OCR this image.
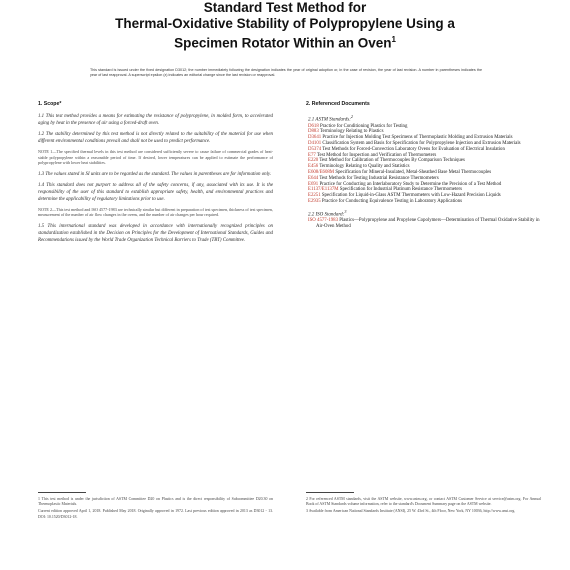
Standard Test Method for
Thermal-Oxidative Stability of Polypropylene Using a
Specimen Rotator Within an Oven$^1$
This standard is issued under the fixed designation D3012; the number immediately following the designation indicates the year of original adoption or, in the case of revision, the year of last revision. A number in parentheses indicates the year of last reapproval. A superscript epsilon (ε) indicates an editorial change since the last revision or reapproval.
1. Scope*

1.1 This test method provides a means for estimating the resistance of polypropylene, in molded form, to accelerated aging by heat in the presence of air using a forced-draft oven.

1.2 The stability determined by this test method is not directly related to the suitability of the material for use when different environmental conditions prevail and shall not be used to predict performance.

NOTE 1—The specified thermal levels in this test method are considered sufficiently severe to cause failure of commercial grades of heat-stable polypropylene within a reasonable period of time. If desired, lower temperatures can be applied to estimate the performance of polypropylene with lower heat stabilities.

1.3 The values stated in SI units are to be regarded as the standard. The values in parentheses are for information only.

1.4 This standard does not purport to address all of the safety concerns, if any, associated with its use. It is the responsibility of the user of this standard to establish appropriate safety, health, and environmental practices and determine the applicability of regulatory limitations prior to use.

NOTE 2—This test method and ISO 4577-1983 are technically similar but different in preparation of test specimen, thickness of test specimen, measurement of the number of air flow changes in the ovens, and the number of air changes per hour required.

1.5 This international standard was developed in accordance with internationally recognized principles on standardization established in the Decision on Principles for the Development of International Standards, Guides and Recommendations issued by the World Trade Organization Technical Barriers to Trade (TBT) Committee.

2. Referenced Documents
2.1 ASTM Standards:$^2$
D618 Practice for Conditioning Plastics for Testing
D883 Terminology Relating to Plastics
D3641 Practice for Injection Molding Test Specimens of Thermoplastic Molding and Extrusion Materials
D4101 Classification System and Basis for Specification for Polypropylene Injection and Extrusion Materials
D5374 Test Methods for Forced-Convection Laboratory Ovens for Evaluation of Electrical Insulation
E77 Test Method for Inspection and Verification of Thermometers
E220 Test Method for Calibration of Thermocouples By Comparison Techniques
E456 Terminology Relating to Quality and Statistics
E608/E608M Specification for Mineral-Insulated, Metal-Sheathed Base Metal Thermocouples
E644 Test Methods for Testing Industrial Resistance Thermometers
E691 Practice for Conducting an Interlaboratory Study to Determine the Precision of a Test Method
E1137/E1137M Specification for Industrial Platinum Resistance Thermometers
E2251 Specification for Liquid-in-Glass ASTM Thermometers with Low-Hazard Precision Liquids
E2935 Practice for Conducting Equivalence Testing in Laboratory Applications
2.2 ISO Standard:$^3$
ISO 4577-1983 Plastics—Polypropylene and Propylene Copolymers—Determination of Thermal Oxidative Stability in Air-Oven Method

1 This test method is under the jurisdiction of ASTM Committee D20 on Plastics and is the direct responsibility of Subcommittee D20.30 on Thermoplastic Materials.

Current edition approved April 1, 2018. Published May 2018. Originally approved in 1972. Last previous edition approved in 2013 as D3012 - 13. DOI: 10.1520/D3012-18.

2 For referenced ASTM standards, visit the ASTM website, www.astm.org, or contact ASTM Customer Service at service@astm.org. For Annual Book of ASTM Standards volume information, refer to the standard's Document Summary page on the ASTM website.

3 Available from American National Standards Institute (ANSI), 25 W. 43rd St., 4th Floor, New York, NY 10036, http://www.ansi.org.
